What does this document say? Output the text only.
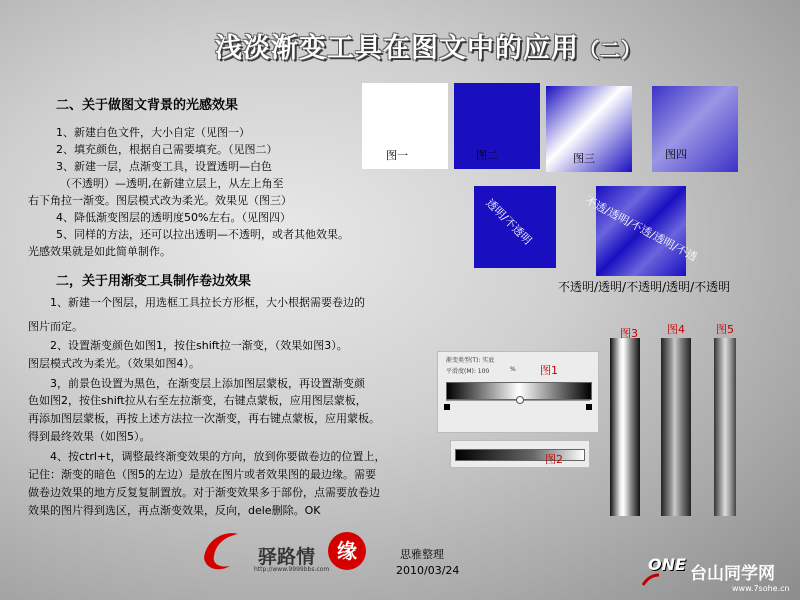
浅淡渐变工具在图文中的应用（二）
二、关于做图文背景的光感效果
1、新建白色文件，大小自定（见图一）
2、填充颜色，根据自己需要填充。（见图二）
3、新建一层，点渐变工具，设置透明—白色
（不透明）—透明,在新建立层上，从左上角至
右下角拉一渐变。图层模式改为柔光。效果见（图三）
4、降低渐变图层的透明度50%左右。（见图四）
5、同样的方法，还可以拉出透明—不透明，或者其他效果。
光感效果就是如此简单制作。
二，关于用渐变工具制作卷边效果
1、新建一个图层，用选框工具拉长方形框，大小根据需要卷边的
图片而定。
2、设置渐变颜色如图1，按住shift拉一渐变，（效果如图3）。
图层模式改为柔光。（效果如图4）。
3，前景色设置为黑色，在渐变层上添加图层蒙板，再设置渐变颜
色如图2，按住shift拉从右至左拉渐变，右键点蒙板，应用图层蒙板，
再添加图层蒙板，再按上述方法拉一次渐变，再右键点蒙板，应用蒙板。
得到最终效果（如图5）。
4、按ctrl+t，调整最终渐变效果的方向，放到你要做卷边的位置上，
记住：渐变的暗色（图5的左边）是放在图片或者效果图的最边缘。需要
做卷边效果的地方反复复制置放。对于渐变效果多于部份，点需要放卷边
效果的图片得到选区，再点渐变效果，反向，dele删除。OK
图一	图二	图三	图四
透明/不透明	不透/透明/不透/透明/不透
不透明/透明/不透明/透明/不透明
渐变类型(T): 实底
平滑度(M): 100	% 图1
图2
图3	图4	图5
驿路情	缘
http://www.9999bbs.com
思雅整理
2010/03/24	ONE 台山同学网
www.7sohe.cn
